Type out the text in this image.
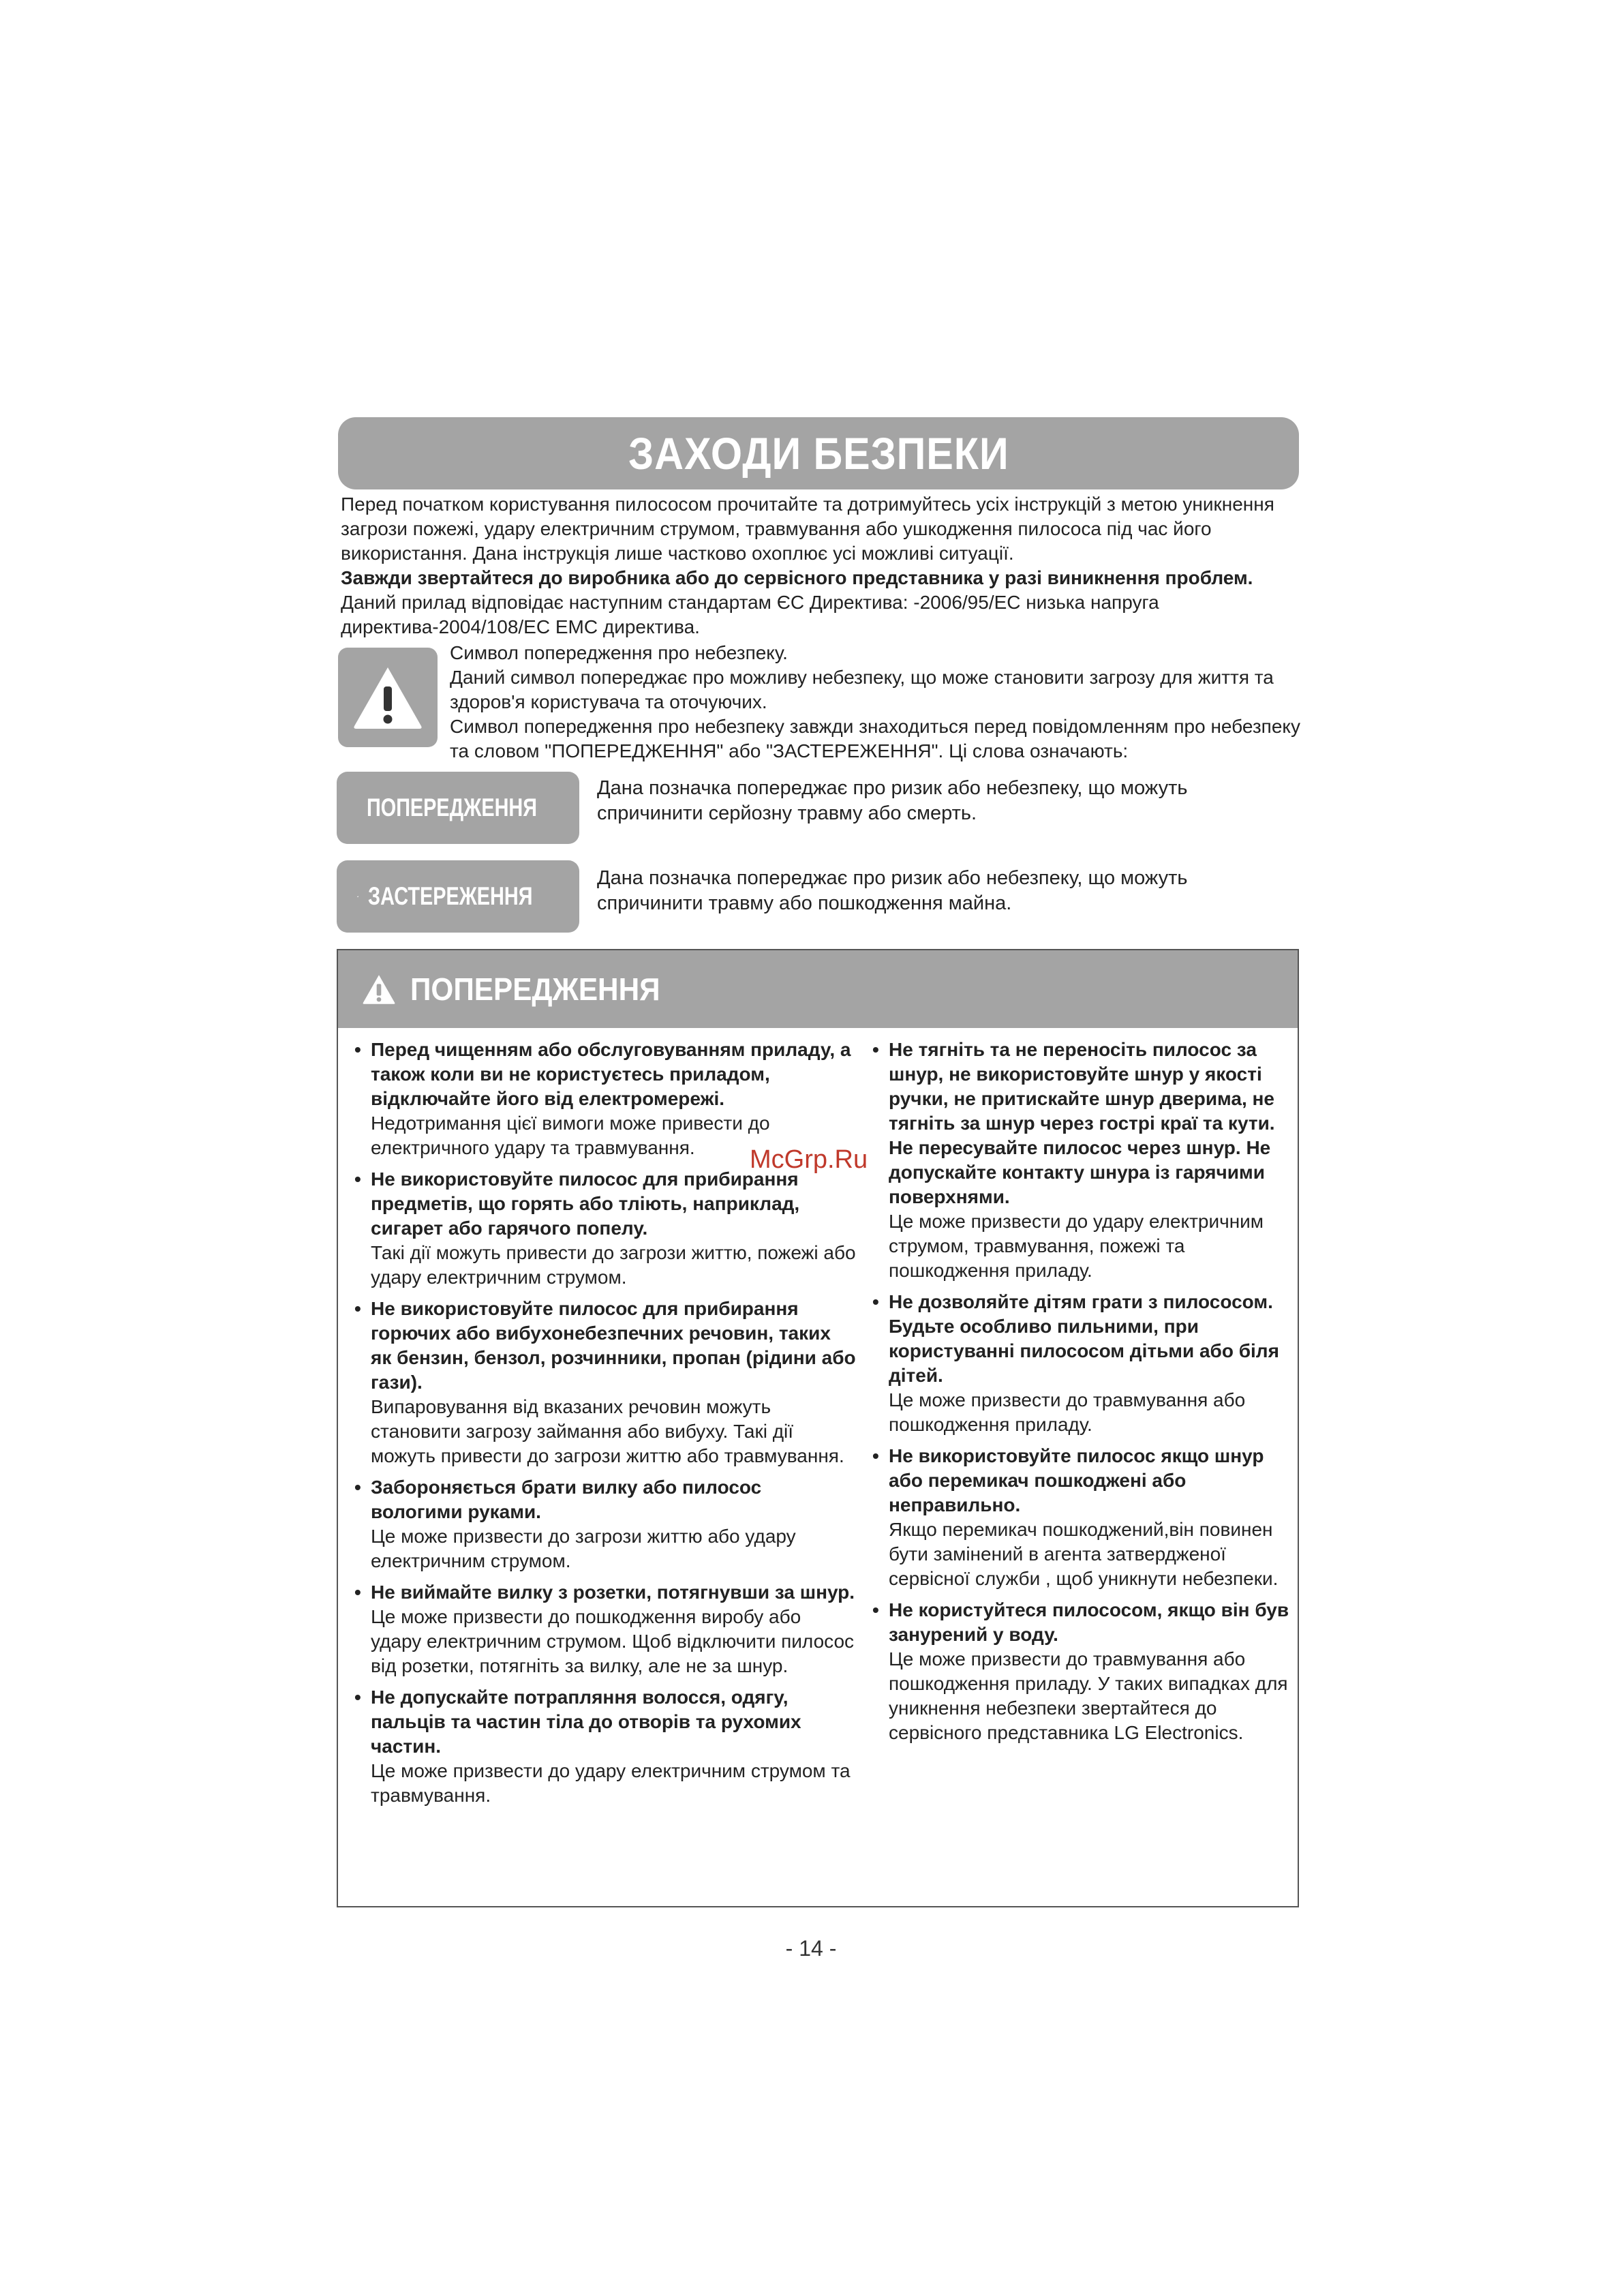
ЗАХОДИ БЕЗПЕКИ

Перед початком користування пилососом прочитайте та дотримуйтесь усіх інструкцій з метою уникнення загрози пожежі, удару електричним струмом, травмування або ушкодження пилососа під час його використання. Дана інструкція лише частково охоплює усі можливі ситуації.

Завжди звертайтеся до виробника або до сервісного представника у разі виникнення проблем.

Даний прилад відповідає наступним стандартам ЄС Директива: -2006/95/ЕС низька напруга директива-2004/108/ЕС ЕМС директива.

Символ попередження про небезпеку.

Даний символ попереджає про можливу небезпеку, що може становити загрозу для життя та здоров'я користувача та оточуючих.

Символ попередження про небезпеку завжди знаходиться перед повідомленням про небезпеку та словом "ПОПЕРЕДЖЕННЯ" або "ЗАСТЕРЕЖЕННЯ". Ці слова означають:

ПОПЕРЕДЖЕННЯ

Дана позначка попереджає про ризик або небезпеку, що можуть спричинити серйозну травму або смерть.

ЗАСТЕРЕЖЕННЯ

Дана позначка попереджає про ризик або небезпеку, що можуть спричинити травму або пошкодження майна.

ПОПЕРЕДЖЕННЯ
• Перед чищенням або обслуговуванням приладу, а також коли ви не користуєтесь приладом, відключайте його від електромережі.

Недотримання цієї вимоги може привести до електричного удару та травмування.

• Не використовуйте пилосос для прибирання предметів, що горять або тліють, наприклад, сигарет або гарячого попелу.

Такі дії можуть привести до загрози життю, пожежі або удару електричним струмом.

• Не використовуйте пилосос для прибирання горючих або вибухонебезпечних речовин, таких як бензин, бензол, розчинники, пропан (рідини або гази).

Випаровування від вказаних речовин можуть становити загрозу займання або вибуху. Такі дії можуть привести до загрози життю або травмування.

• Забороняється брати вилку або пилосос вологими руками.

Це може призвести до загрози життю або удару електричним струмом.

• Не виймайте вилку з розетки, потягнувши за шнур.

Це може призвести до пошкодження виробу або удару електричним струмом. Щоб відключити пилосос від розетки, потягніть за вилку, але не за шнур.

• Не допускайте потрапляння волосся, одягу, пальців та частин тіла до отворів та рухомих частин.

Це може призвести до удару електричним струмом та травмування.

• Не тягніть та не переносіть пилосос за шнур, не використовуйте шнур у якості ручки, не притискайте шнур дверима, не тягніть за шнур через гострі краї та кути. Не пересувайте пилосос через шнур. Не допускайте контакту шнура із гарячими поверхнями.

Це може призвести до удару електричним струмом, травмування, пожежі та пошкодження приладу.

• Не дозволяйте дітям грати з пилососом. Будьте особливо пильними, при користуванні пилососом дітьми або біля дітей.

Це може призвести до травмування або пошкодження приладу.

• Не використовуйте пилосос якщо шнур або перемикач пошкоджені або неправильно.

Якщо перемикач пошкоджений,він повинен бути замінений в агента затвердженої сервісної служби , щоб уникнути небезпеки.

• Не користуйтеся пилососом, якщо він був занурений у воду.

Це може призвести до травмування або пошкодження приладу. У таких випадках для уникнення небезпеки звертайтеся до сервісного представника LG Electronics.

McGrp.Ru
- 14 -
